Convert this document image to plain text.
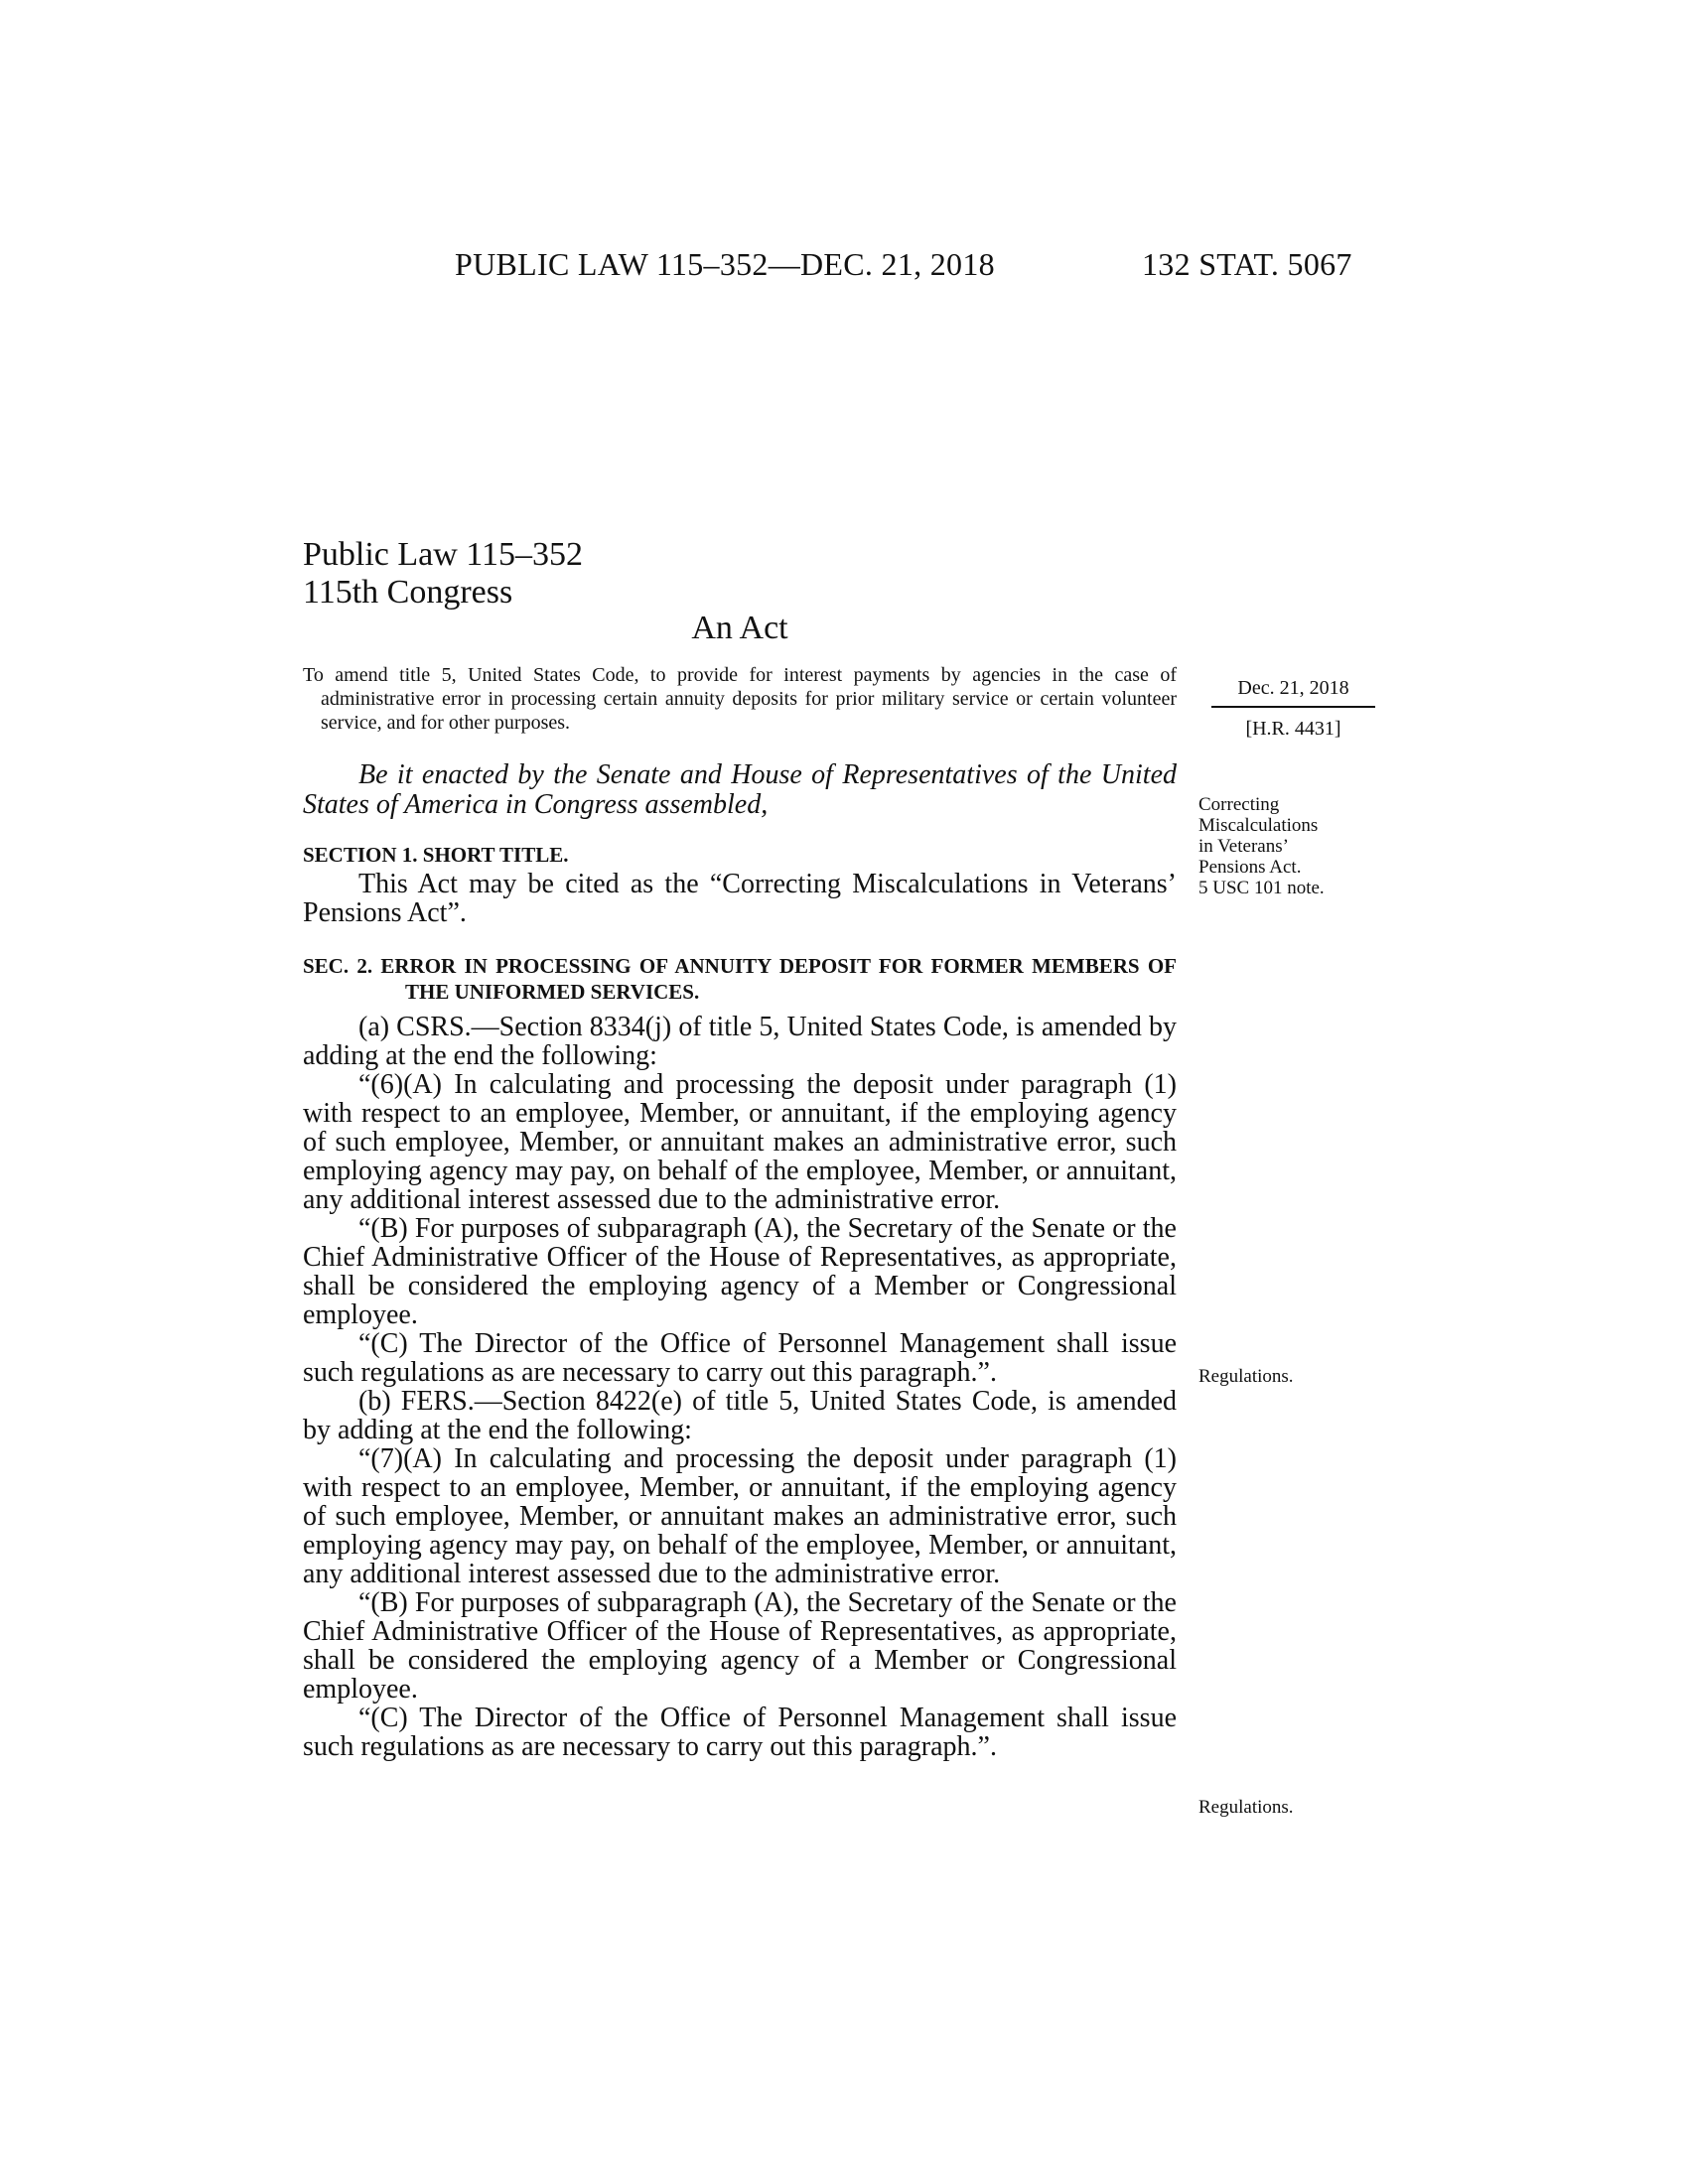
PUBLIC LAW 115–352—DEC. 21, 2018	132 STAT. 5067
Public Law 115–352
115th Congress
An Act
To amend title 5, United States Code, to provide for interest payments by agencies in the case of administrative error in processing certain annuity deposits for prior military service or certain volunteer service, and for other purposes.
Dec. 21, 2018
[H.R. 4431]
Be it enacted by the Senate and House of Representatives of the United States of America in Congress assembled,	Correcting
Miscalculations
in Veterans’
Pensions Act.
5 USC 101 note.
SECTION 1. SHORT TITLE.

This Act may be cited as the “Correcting Miscalculations in Veterans’ Pensions Act”.

SEC. 2. ERROR IN PROCESSING OF ANNUITY DEPOSIT FOR FORMER MEMBERS OF THE UNIFORMED SERVICES.

(a) CSRS.—Section 8334(j) of title 5, United States Code, is amended by adding at the end the following:

“(6)(A) In calculating and processing the deposit under paragraph (1) with respect to an employee, Member, or annuitant, if the employing agency of such employee, Member, or annuitant makes an administrative error, such employing agency may pay, on behalf of the employee, Member, or annuitant, any additional interest assessed due to the administrative error.

“(B) For purposes of subparagraph (A), the Secretary of the Senate or the Chief Administrative Officer of the House of Representatives, as appropriate, shall be considered the employing agency of a Member or Congressional employee.

“(C) The Director of the Office of Personnel Management shall issue such regulations as are necessary to carry out this paragraph.”.

(b) FERS.—Section 8422(e) of title 5, United States Code, is amended by adding at the end the following:

“(7)(A) In calculating and processing the deposit under paragraph (1) with respect to an employee, Member, or annuitant, if the employing agency of such employee, Member, or annuitant makes an administrative error, such employing agency may pay, on behalf of the employee, Member, or annuitant, any additional interest assessed due to the administrative error.

“(B) For purposes of subparagraph (A), the Secretary of the Senate or the Chief Administrative Officer of the House of Representatives, as appropriate, shall be considered the employing agency of a Member or Congressional employee.

“(C) The Director of the Office of Personnel Management shall issue such regulations as are necessary to carry out this paragraph.”.

Regulations.
Regulations.
